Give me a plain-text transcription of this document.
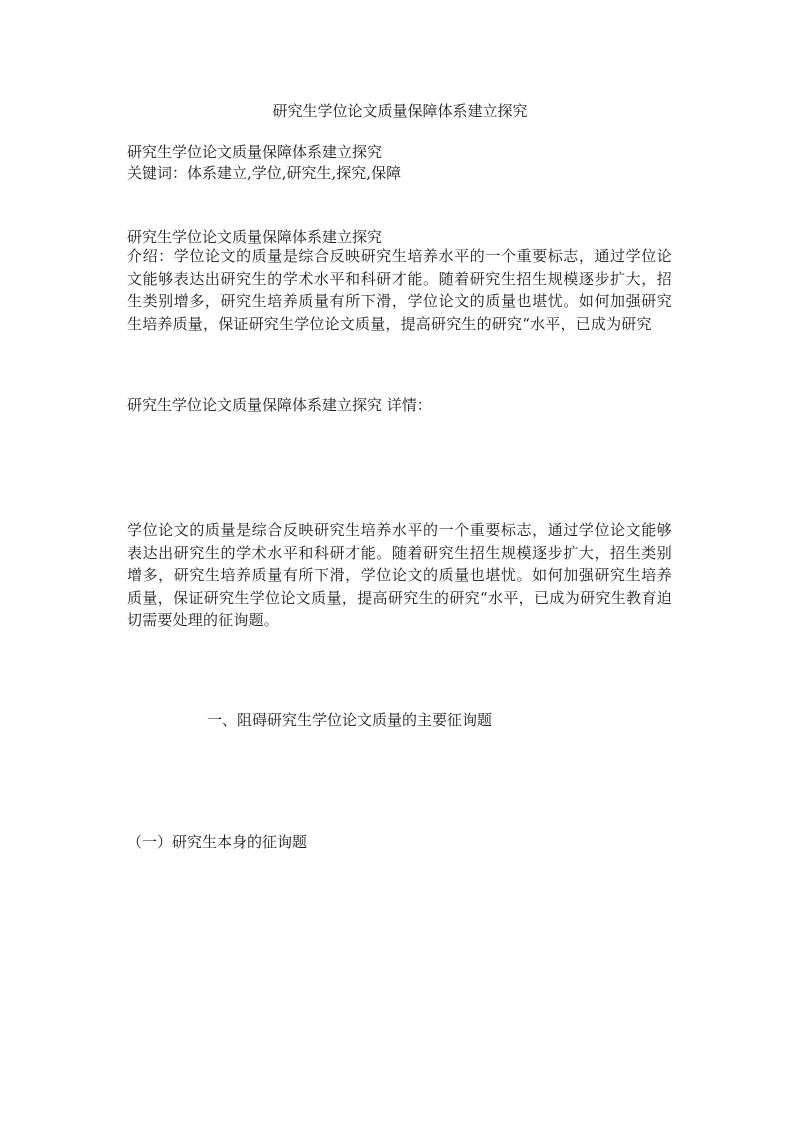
研究生学位论文质量保障体系建立探究
研究生学位论文质量保障体系建立探究
关键词：体系建立,学位,研究生,探究,保障
研究生学位论文质量保障体系建立探究
介绍：学位论文的质量是综合反映研究生培养水平的一个重要标志，通过学位论文能够表达出研究生的学术水平和科研才能。随着研究生招生规模逐步扩大，招生类别增多，研究生培养质量有所下滑，学位论文的质量也堪忧。如何加强研究生培养质量，保证研究生学位论文质量，提高研究生的研究“水平，已成为研究
研究生学位论文质量保障体系建立探究 详情：
学位论文的质量是综合反映研究生培养水平的一个重要标志，通过学位论文能够表达出研究生的学术水平和科研才能。随着研究生招生规模逐步扩大，招生类别增多，研究生培养质量有所下滑，学位论文的质量也堪忧。如何加强研究生培养质量，保证研究生学位论文质量，提高研究生的研究“水平，已成为研究生教育迫切需要处理的征询题。
一、阻碍研究生学位论文质量的主要征询题
（一）研究生本身的征询题
